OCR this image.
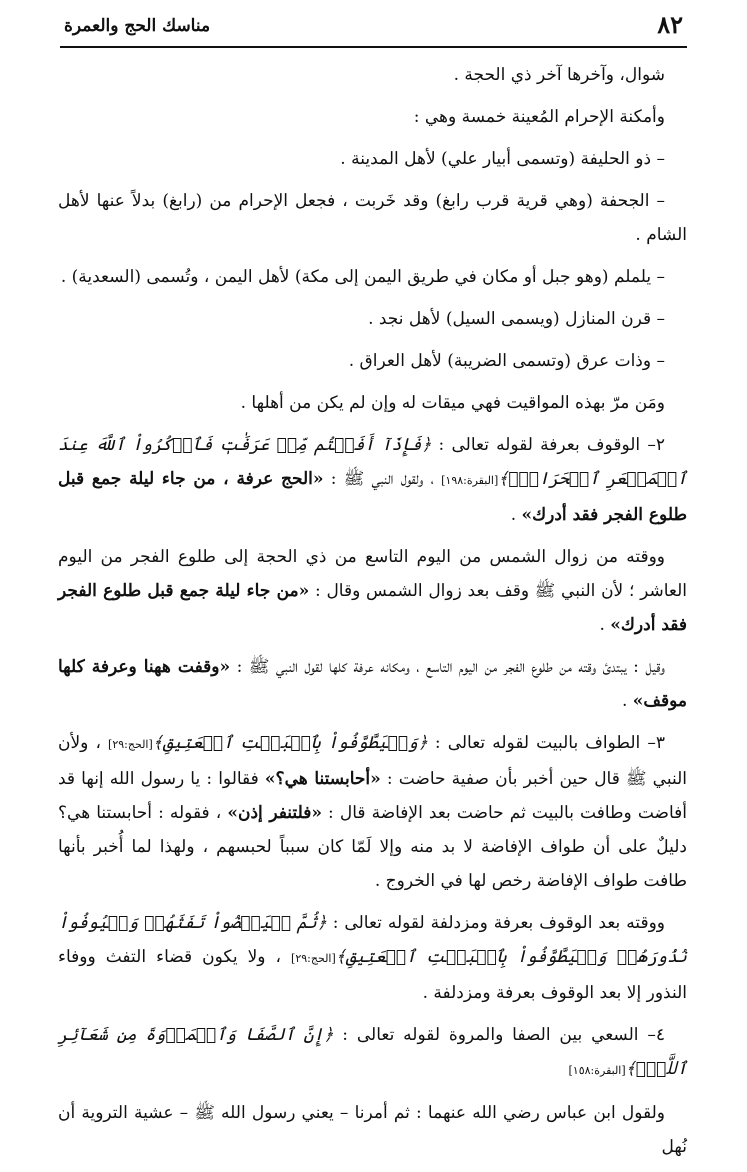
٨٢
مناسك الحج والعمرة

شوال، وآخرها آخر ذي الحجة .

وأمكنة الإحرام المُعينة خمسة وهي :

– ذو الحليفة (وتسمى أبيار علي) لأهل المدينة .

– الجحفة (وهي قرية قرب رابغ) وقد خَربت ، فجعل الإحرام من (رابغ) بدلاً عنها لأهل الشام .

– يلملم (وهو جبل أو مكان في طريق اليمن إلى مكة) لأهل اليمن ، وتُسمى (السعدية) .

– قرن المنازل (ويسمى السيل) لأهل نجد .

– وذات عرق (وتسمى الضريبة) لأهل العراق .

ومَن مرّ بهذه المواقيت فهي ميقات له وإن لم يكن من أهلها .

٢– الوقوف بعرفة لقوله تعالى : ﴿فَإِذَآ أَفَضۡتُم مِّنۡ عَرَفَٰتٖ فَٱذۡكُرُواْ ٱللَّهَ عِندَ ٱلۡمَشۡعَرِ ٱلۡحَرَامِۖ﴾[البقرة:١٩٨] ، ولقول النبي ﷺ : «الحج عرفة ، من جاء ليلة جمع قبل طلوع الفجر فقد أدرك» .

ووقته من زوال الشمس من اليوم التاسع من ذي الحجة إلى طلوع الفجر من اليوم العاشر ؛ لأن النبي ﷺ وقف بعد زوال الشمس وقال : «من جاء ليلة جمع قبل طلوع الفجر فقد أدرك» .

وقيل : يبتدئ وقته من طلوع الفجر من اليوم التاسع ، ومكانه عرفة كلها لقول النبي ﷺ : «وقفت ههنا وعرفة كلها موقف» .

٣– الطواف بالبيت لقوله تعالى : ﴿وَلۡيَطَّوَّفُواْ بِٱلۡبَيۡتِ ٱلۡعَتِيقِ﴾[الحج:٢٩] ، ولأن النبي ﷺ قال حين أخبر بأن صفية حاضت : «أحابستنا هي؟» فقالوا : يا رسول الله إنها قد أفاضت وطافت بالبيت ثم حاضت بعد الإفاضة قال : «فلتنفر إذن» ، فقوله : أحابستنا هي؟ دليلٌ على أن طواف الإفاضة لا بد منه وإلا لَمّا كان سبباً لحبسهم ، ولهذا لما أُخبر بأنها طافت طواف الإفاضة رخص لها في الخروج .

ووقته بعد الوقوف بعرفة ومزدلفة لقوله تعالى : ﴿ثُمَّ لۡيَقۡضُواْ تَفَثَهُمۡ وَلۡيُوفُواْ نُذُورَهُمۡ وَلۡيَطَّوَّفُواْ بِٱلۡبَيۡتِ ٱلۡعَتِيقِ﴾[الحج:٢٩] ، ولا يكون قضاء التفث ووفاء النذور إلا بعد الوقوف بعرفة ومزدلفة .

٤– السعي بين الصفا والمروة لقوله تعالى : ﴿إِنَّ ٱلصَّفَا وَٱلۡمَرۡوَةَ مِن شَعَآئِرِ ٱللَّهِۖ﴾[البقرة:١٥٨]

ولقول ابن عباس رضي الله عنهما : ثم أمرنا – يعني رسول الله ﷺ – عشية التروية أن نُهل
